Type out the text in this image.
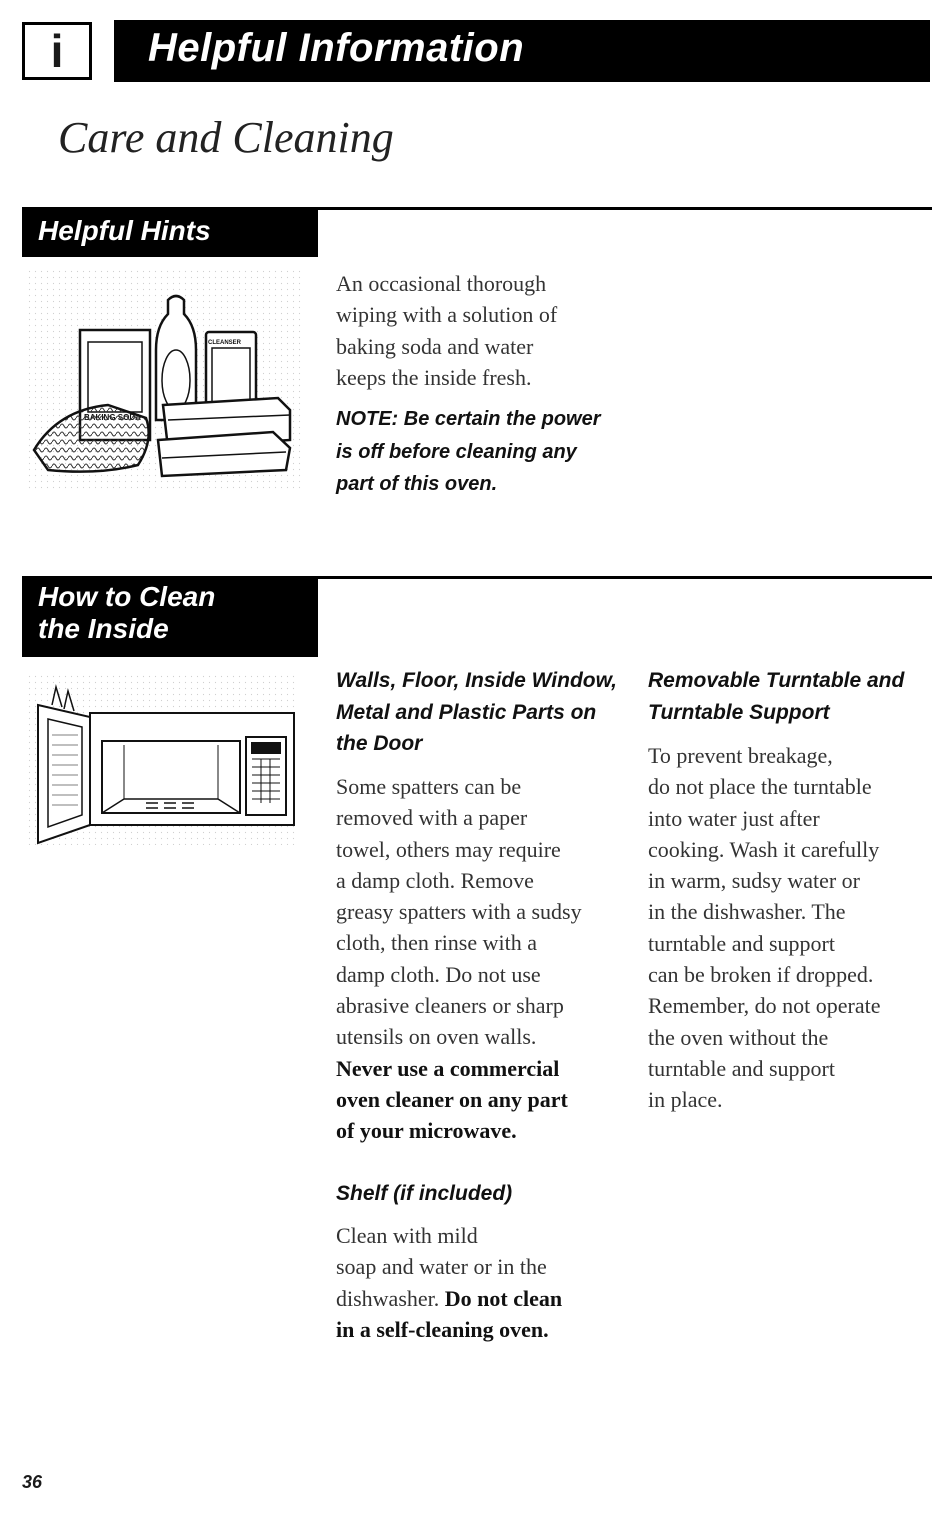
i Helpful Information
Care and Cleaning
Helpful Hints
CLEANSER
An occasional thorough
wiping with a solution of
baking soda and water
keeps the inside fresh.
NOTE: Be certain the power
is off before cleaning any
part of this oven.
How to Clean
the Inside
Walls, Floor, Inside Window,
Metal and Plastic Parts on
the Door
Some spatters can be
removed with a paper
towel, others may require
a damp cloth. Remove
greasy spatters with a sudsy
cloth, then rinse with a
damp cloth. Do not use
abrasive cleaners or sharp
utensils on oven walls.
Never use a commercial
oven cleaner on any part
of your microwave.
Shelf (if included)
Clean with mild
soap and water or in the
dishwasher. Do not clean
in a self-cleaning oven.
Removable Turntable and
Turntable Support
To prevent breakage,
do not place the turntable
into water just after
cooking. Wash it carefully
in warm, sudsy water or
in the dishwasher. The
turntable and support
can be broken if dropped.
Remember, do not operate
the oven without the
turntable and support
in place.
36
